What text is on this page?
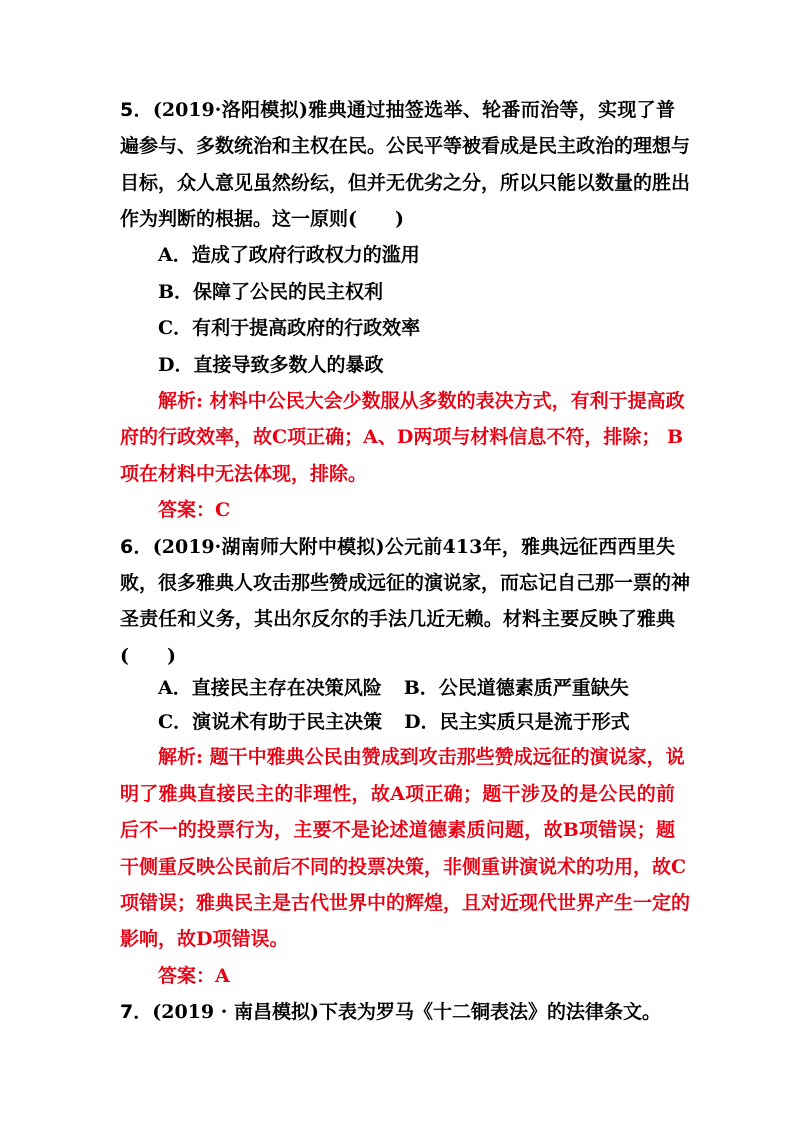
5．(2019·洛阳模拟)雅典通过抽签选举、轮番而治等，实现了普
遍参与、多数统治和主权在民。公民平等被看成是民主政治的理想与
目标，众人意见虽然纷纭，但并无优劣之分，所以只能以数量的胜出
作为判断的根据。这一原则(　　)
A．造成了政府行政权力的滥用
B．保障了公民的民主权利
C．有利于提高政府的行政效率
D．直接导致多数人的暴政
解析: 材料中公民大会少数服从多数的表决方式，有利于提高政
府的行政效率，故C项正确；A、D两项与材料信息不符，排除； B
项在材料中无法体现，排除。
答案：C
6．(2019·湖南师大附中模拟)公元前413年，雅典远征西西里失
败，很多雅典人攻击那些赞成远征的演说家，而忘记自己那一票的神
圣责任和义务，其出尔反尔的手法几近无赖。材料主要反映了雅典
(　　)
A．直接民主存在决策风险 B．公民道德素质严重缺失
C．演说术有助于民主决策 D．民主实质只是流于形式
解析: 题干中雅典公民由赞成到攻击那些赞成远征的演说家，说
明了雅典直接民主的非理性，故A项正确；题干涉及的是公民的前
后不一的投票行为，主要不是论述道德素质问题，故B项错误；题
干侧重反映公民前后不同的投票决策，非侧重讲演说术的功用，故C
项错误；雅典民主是古代世界中的辉煌，且对近现代世界产生一定的
影响，故D项错误。
答案：A
7．(2019 · 南昌模拟)下表为罗马《十二铜表法》的法律条文。
